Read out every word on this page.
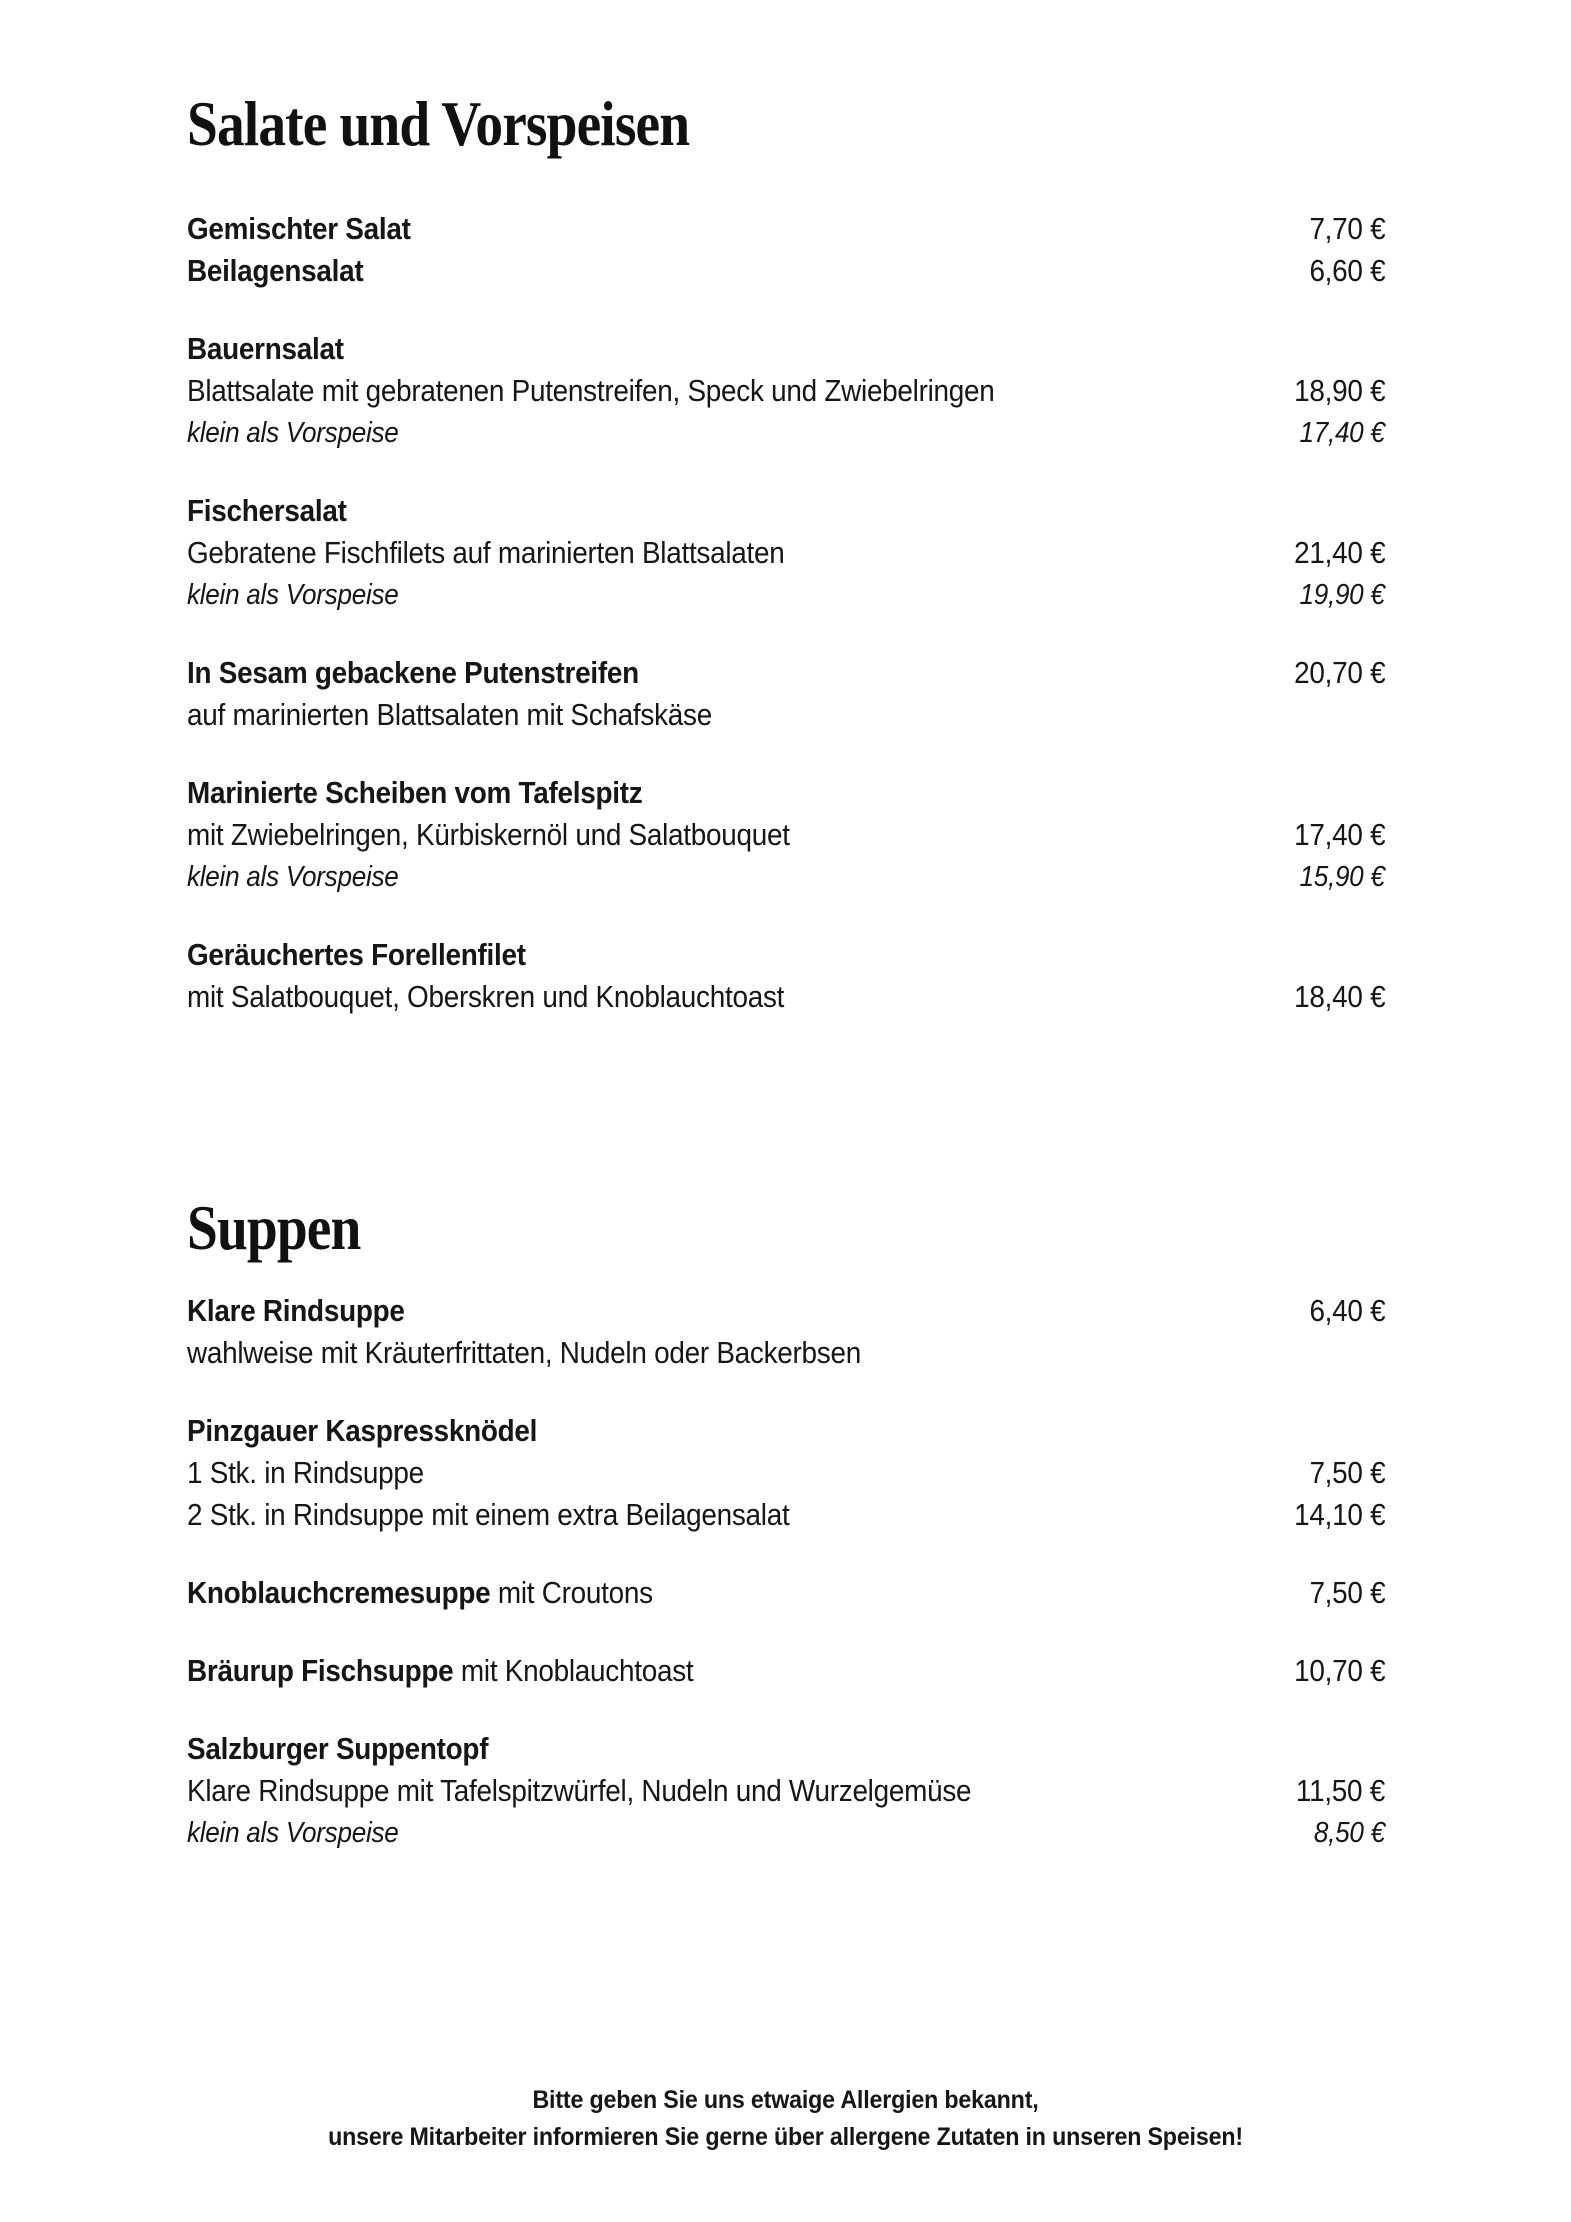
Salate und Vorspeisen
Gemischter Salat	7,70 €
Beilagensalat	6,60 €
Bauernsalat
Blattsalate mit gebratenen Putenstreifen, Speck und Zwiebelringen	18,90 €
klein als Vorspeise	17,40 €
Fischersalat
Gebratene Fischfilets auf marinierten Blattsalaten	21,40 €
klein als Vorspeise	19,90 €
In Sesam gebackene Putenstreifen	20,70 €
auf marinierten Blattsalaten mit Schafskäse
Marinierte Scheiben vom Tafelspitz
mit Zwiebelringen, Kürbiskernöl und Salatbouquet	17,40 €
klein als Vorspeise	15,90 €
Geräuchertes Forellenfilet
mit Salatbouquet, Oberskren und Knoblauchtoast	18,40 €
Suppen
Klare Rindsuppe	6,40 €
wahlweise mit Kräuterfrittaten, Nudeln oder Backerbsen
Pinzgauer Kaspressknödel
1 Stk. in Rindsuppe	7,50 €
2 Stk. in Rindsuppe mit einem extra Beilagensalat	14,10 €
Knoblauchcremesuppe mit Croutons	7,50 €
Bräurup Fischsuppe mit Knoblauchtoast	10,70 €
Salzburger Suppentopf
Klare Rindsuppe mit Tafelspitzwürfel, Nudeln und Wurzelgemüse	11,50 €
klein als Vorspeise	8,50 €
Bitte geben Sie uns etwaige Allergien bekannt,
unsere Mitarbeiter informieren Sie gerne über allergene Zutaten in unseren Speisen!
